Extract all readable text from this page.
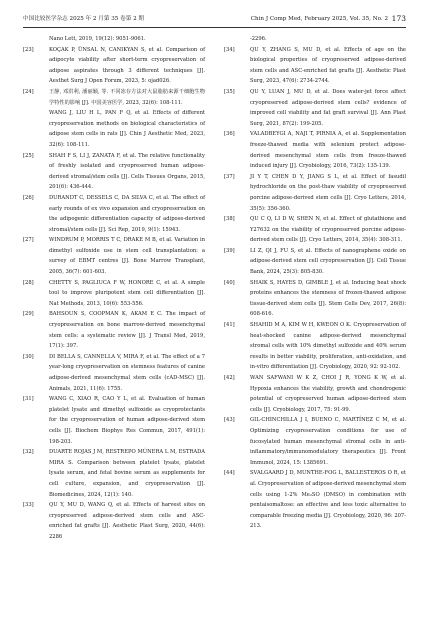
中国比较医学杂志 2025 年 2 月第 35 卷第 2 期	Chin J Comp Med, February 2025, Vol. 35, No. 2 173
Nano Lett, 2019, 19(12): 9051-9061.
[23]	KOÇAK P, ÜNSAL N, CANIKYAN S, et al. Comparison of adipocyte viability after short-term cryopreservation of adipose aspirates through 3 different techniques [J]. Aesthet Surg J Open Forum, 2023, 5: ojad026.
[24]	王静, 邓洪利, 潘丽颖, 等. 不同冻存方法对大鼠脂肪来源干细胞生物学特性的影响 [J]. 中国美容医学, 2023, 32(6): 108-111.
WANG J, LIU H L, PAN F Q, et al. Effects of different cryopreservation methods on biological characteristics of adipose stem cells in rats [J]. Chin J Aesthetic Med, 2023, 32(6): 108-111.
[25]	SHAH F S, LI J, ZANATA F, et al. The relative functionality of freshly isolated and cryopreserved human adipose-derived stromal/stem cells [J]. Cells Tissues Organs, 2015, 201(6): 436-444.
[26]	DURANDT C, DESSELS C, DA SILVA C, et al. The effect of early rounds of ex vivo expansion and cryopreservation on the adipogenic differentiation capacity of adipose-derived stromal/stem cells [J]. Sci Rep, 2019, 9(1): 15943.
[27]	WINDRUM P, MORRIS T C, DRAKE M B, et al. Variation in dimethyl sulfoxide use in stem cell transplantation: a survey of EBMT centres [J]. Bone Marrow Transplant, 2005, 36(7): 601-603.
[28]	CHETTY S, PAGLIUCA F W, HONORE C, et al. A simple tool to improve pluripotent stem cell differentiation [J]. Nat Methods, 2013, 10(6): 553-556.
[29]	BAHSOUN S, COOPMAN K, AKAM E C. The impact of cryopreservation on bone marrow-derived mesenchymal stem cells: a systematic review [J]. J Transl Med, 2019, 17(1): 397.
[30]	DI BELLA S, CANNELLA V, MIRA F, et al. The effect of a 7 year-long cryopreservation on stemness features of canine adipose-derived mesenchymal stem cells (cAD-MSC) [J]. Animals, 2021, 11(6): 1755.
[31]	WANG C, XIAO R, CAO Y L, et al. Evaluation of human platelet lysate and dimethyl sulfoxide as cryoprotectants for the cryopreservation of human adipose-derived stem cells [J]. Biochem Biophys Res Commun, 2017, 491(1): 198-203.
[32]	DUARTE ROJAS J M, RESTREPO MÚNERA L M, ESTRADA MIRA S. Comparison between platelet lysate, platelet lysate serum, and fetal bovine serum as supplements for cell culture, expansion, and cryopreservation [J]. Biomedicines, 2024, 12(1): 140.
[33]	QU Y, MU D, WANG Q, et al. Effects of harvest sites on cryopreserved adipose-derived stem cells and ASC-enriched fat grafts [J]. Aesthetic Plast Surg, 2020, 44(6): 2286
-2296.
[34]	QU Y, ZHANG S, MU D, et al. Effects of age on the biological properties of cryopreserved adipose-derived stem cells and ASC-enriched fat grafts [J]. Aesthetic Plast Surg, 2023, 47(6): 2734-2744.
[35]	QU Y, LUAN J, MU D, et al. Does water-jet force affect cryopreserved adipose-derived stem cells? evidence of improved cell viability and fat graft survival [J]. Ann Plast Surg, 2021, 87(2): 199-205.
[36]	VALADBEYGI A, NAJI T, PIRNIA A, et al. Supplementation freeze-thawed media with selenium protect adipose-derived mesenchymal stem cells from freeze-thawed induced injury [J]. Cryobiology, 2016, 73(2): 135-139.
[37]	JI Y T, CHEN D Y, JIANG S L, et al. Effect of fasudil hydrochloride on the post-thaw viability of cryopreserved porcine adipose-derived stem cells [J]. Cryo Letters, 2014, 35(5): 356-360.
[38]	QU C Q, LI D W, SHEN N, et al. Effect of glutathione and Y27632 on the viability of cryopreserved porcine adipose-derived stem cells [J]. Cryo Letters, 2014, 35(4): 308-311.
[39]	LI Z, QI J, FU S, et al. Effects of nanographene oxide on adipose-derived stem cell cryopreservation [J]. Cell Tissue Bank, 2024, 25(3): 805-830.
[40]	SHAIK S, HAYES D, GIMBLE J, et al. Inducing heat shock proteins enhances the stemness of frozen-thawed adipose tissue-derived stem cells [J]. Stem Cells Dev, 2017, 26(8): 608-616.
[41]	SHAHID M A, KIM W H, KWEON O K. Cryopreservation of heat-shocked canine adipose-derived mesenchymal stromal cells with 10% dimethyl sulfoxide and 40% serum results in better viability, proliferation, anti-oxidation, and in-vitro differentiation [J]. Cryobiology, 2020, 92: 92-102.
[42]	WAN SAFWANI W K Z, CHOI J R, YONG K W, et al. Hypoxia enhances the viability, growth and chondrogenic potential of cryopreserved human adipose-derived stem cells [J]. Cryobiology, 2017, 75: 91-99.
[43]	GIL-CHINCHILLA J I, BUENO C, MARTÍNEZ C M, et al. Optimizing cryopreservation conditions for use of fucosylated human mesenchymal stromal cells in anti-inflammatory/immunomodulatory therapeutics [J]. Front Immunol, 2024, 15: 1385691.
[44]	SVALGAARD J D, MUNTHE-FOG L, BALLESTEROS O R, et al. Cryopreservation of adipose-derived mesenchymal stem cells using 1-2% Me₂SO (DMSO) in combination with pentaisomaltose: an effective and less toxic alternative to comparable freezing media [J]. Cryobiology, 2020, 96: 207-213.
